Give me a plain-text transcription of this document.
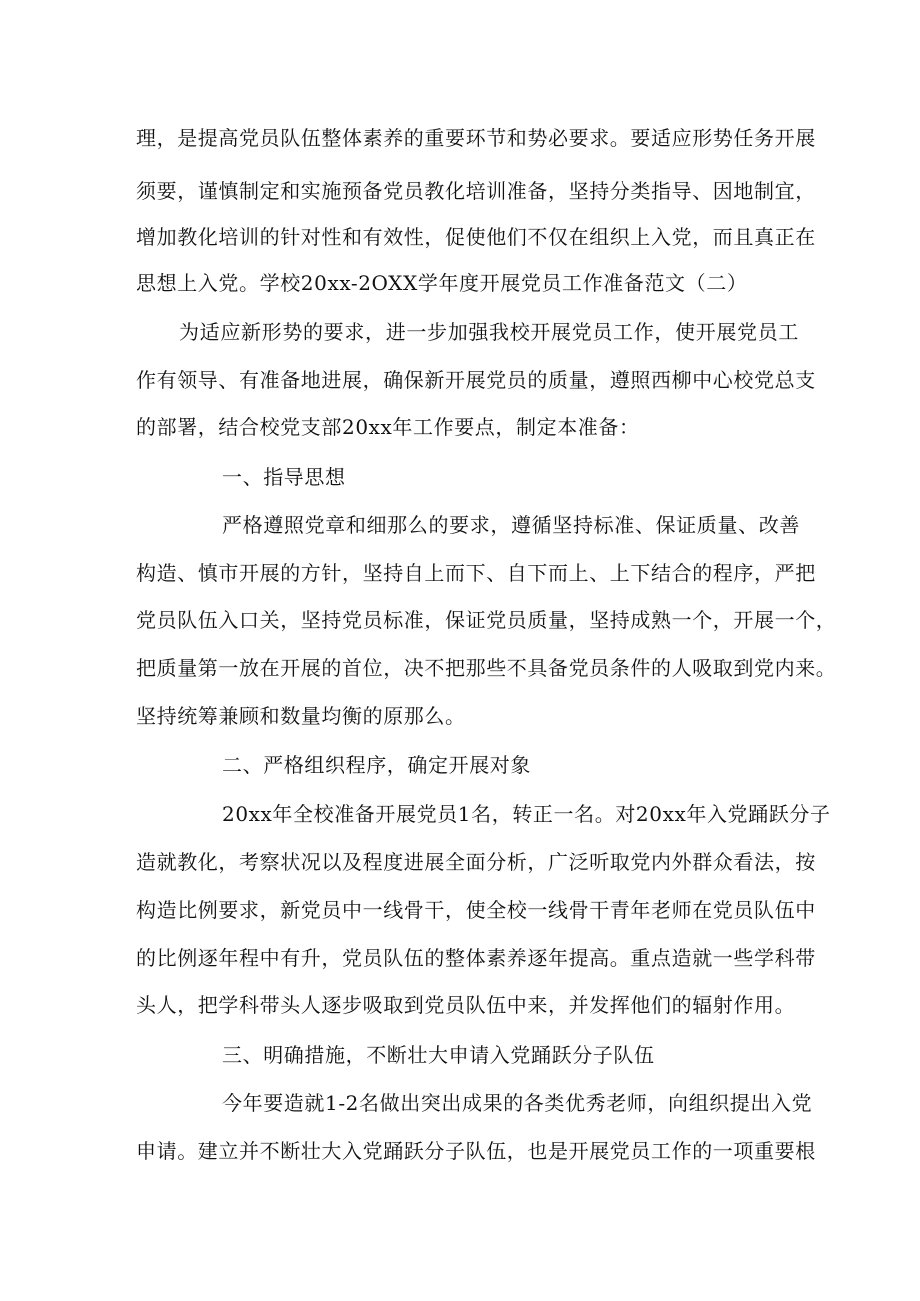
理，是提高党员队伍整体素养的重要环节和势必要求。要适应形势任务开展
须要，谨慎制定和实施预备党员教化培训准备，坚持分类指导、因地制宜，
增加教化培训的针对性和有效性，促使他们不仅在组织上入党，而且真正在
思想上入党。学校20xx-2OXX学年度开展党员工作准备范文（二）
为适应新形势的要求，进一步加强我校开展党员工作，使开展党员工
作有领导、有准备地进展，确保新开展党员的质量，遵照西柳中心校党总支
的部署，结合校党支部20xx年工作要点，制定本准备：
一、指导思想
严格遵照党章和细那么的要求，遵循坚持标准、保证质量、改善
构造、慎市开展的方针，坚持自上而下、自下而上、上下结合的程序，严把
党员队伍入口关，坚持党员标准，保证党员质量，坚持成熟一个，开展一个，
把质量第一放在开展的首位，决不把那些不具备党员条件的人吸取到党内来。
坚持统筹兼顾和数量均衡的原那么。
二、严格组织程序，确定开展对象
20xx年全校准备开展党员1名，转正一名。对20xx年入党踊跃分子
造就教化，考察状况以及程度进展全面分析，广泛听取党内外群众看法，按
构造比例要求，新党员中一线骨干，使全校一线骨干青年老师在党员队伍中
的比例逐年程中有升，党员队伍的整体素养逐年提高。重点造就一些学科带
头人，把学科带头人逐步吸取到党员队伍中来，并发挥他们的辐射作用。
三、明确措施，不断壮大申请入党踊跃分子队伍
今年要造就1-2名做出突出成果的各类优秀老师，向组织提出入党
申请。建立并不断壮大入党踊跃分子队伍，也是开展党员工作的一项重要根
